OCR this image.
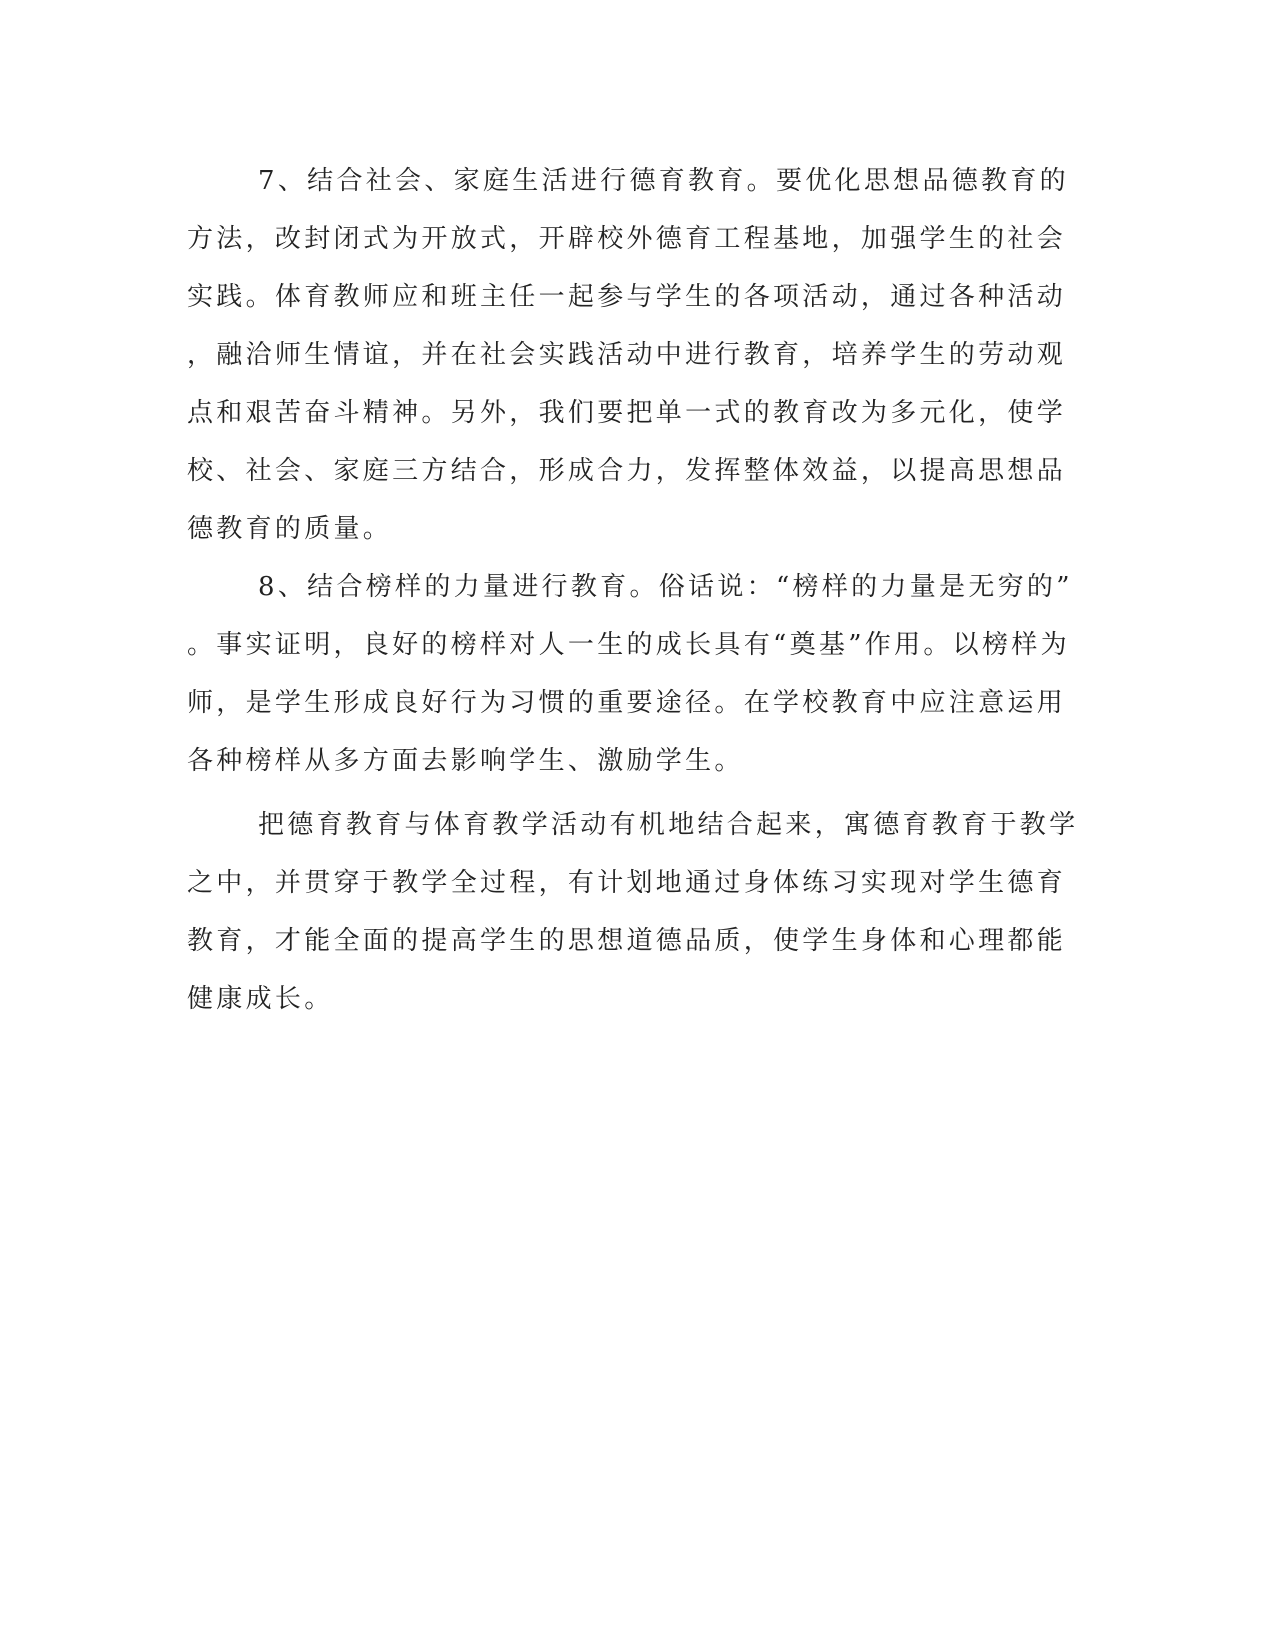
7、结合社会、家庭生活进行德育教育。要优化思想品德教育的
方法，改封闭式为开放式，开辟校外德育工程基地，加强学生的社会
实践。体育教师应和班主任一起参与学生的各项活动，通过各种活动
，融洽师生情谊，并在社会实践活动中进行教育，培养学生的劳动观
点和艰苦奋斗精神。另外，我们要把单一式的教育改为多元化，使学
校、社会、家庭三方结合，形成合力，发挥整体效益，以提高思想品
德教育的质量。
8、结合榜样的力量进行教育。俗话说：“榜样的力量是无穷的”
。事实证明，良好的榜样对人一生的成长具有“奠基”作用。以榜样为
师，是学生形成良好行为习惯的重要途径。在学校教育中应注意运用
各种榜样从多方面去影响学生、激励学生。
把德育教育与体育教学活动有机地结合起来，寓德育教育于教学
之中，并贯穿于教学全过程，有计划地通过身体练习实现对学生德育
教育，才能全面的提高学生的思想道德品质，使学生身体和心理都能
健康成长。
